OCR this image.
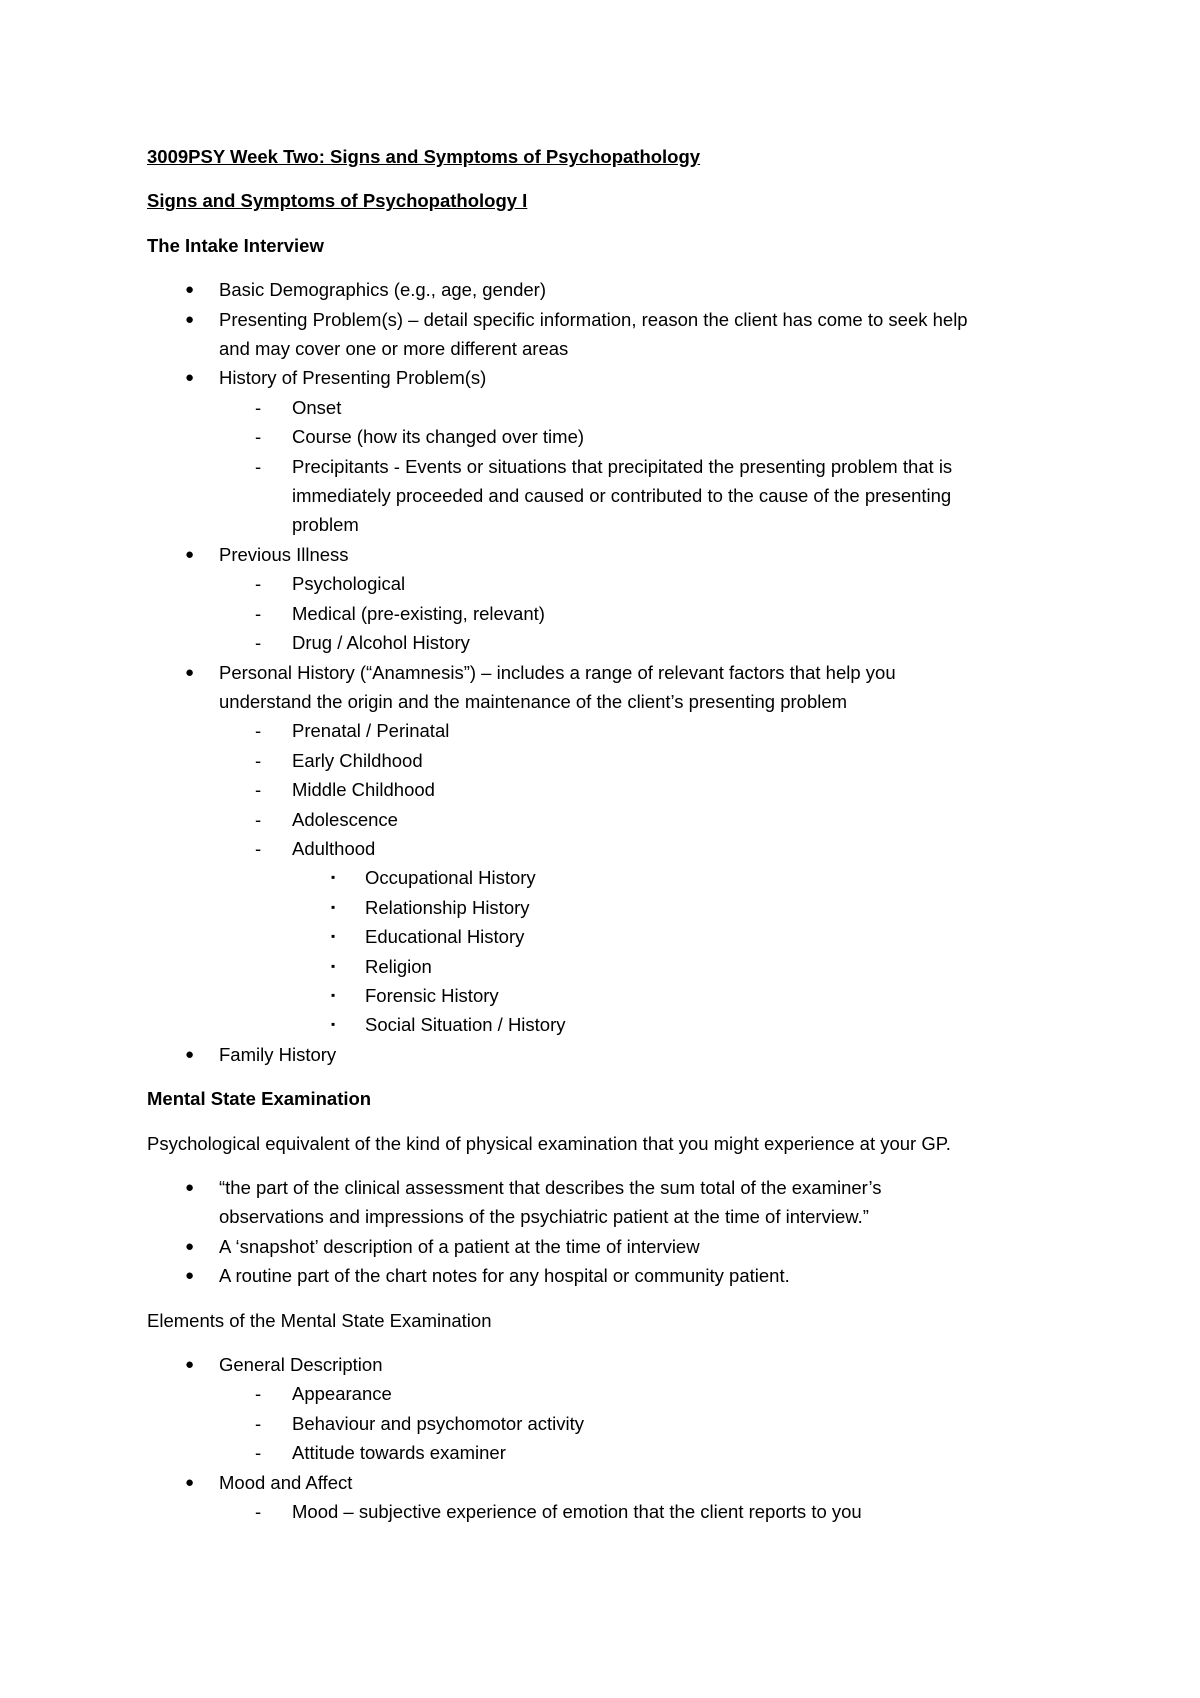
3009PSY Week Two: Signs and Symptoms of Psychopathology
Signs and Symptoms of Psychopathology I
The Intake Interview
● Basic Demographics (e.g., age, gender)
● Presenting Problem(s) – detail specific information, reason the client has come to seek help
and may cover one or more different areas
● History of Presenting Problem(s)
- Onset
- Course (how its changed over time)
- Precipitants - Events or situations that precipitated the presenting problem that is
immediately proceeded and caused or contributed to the cause of the presenting
problem
● Previous Illness
- Psychological
- Medical (pre-existing, relevant)
- Drug / Alcohol History
● Personal History (“Anamnesis”) – includes a range of relevant factors that help you
understand the origin and the maintenance of the client’s presenting problem
- Prenatal / Perinatal
- Early Childhood
- Middle Childhood
- Adolescence
- Adulthood
▪ Occupational History
▪ Relationship History
▪ Educational History
▪ Religion
▪ Forensic History
▪ Social Situation / History
● Family History
Mental State Examination
Psychological equivalent of the kind of physical examination that you might experience at your GP.
● “the part of the clinical assessment that describes the sum total of the examiner’s
observations and impressions of the psychiatric patient at the time of interview.”
● A ‘snapshot’ description of a patient at the time of interview
● A routine part of the chart notes for any hospital or community patient.
Elements of the Mental State Examination
● General Description
- Appearance
- Behaviour and psychomotor activity
- Attitude towards examiner
● Mood and Affect
- Mood – subjective experience of emotion that the client reports to you
